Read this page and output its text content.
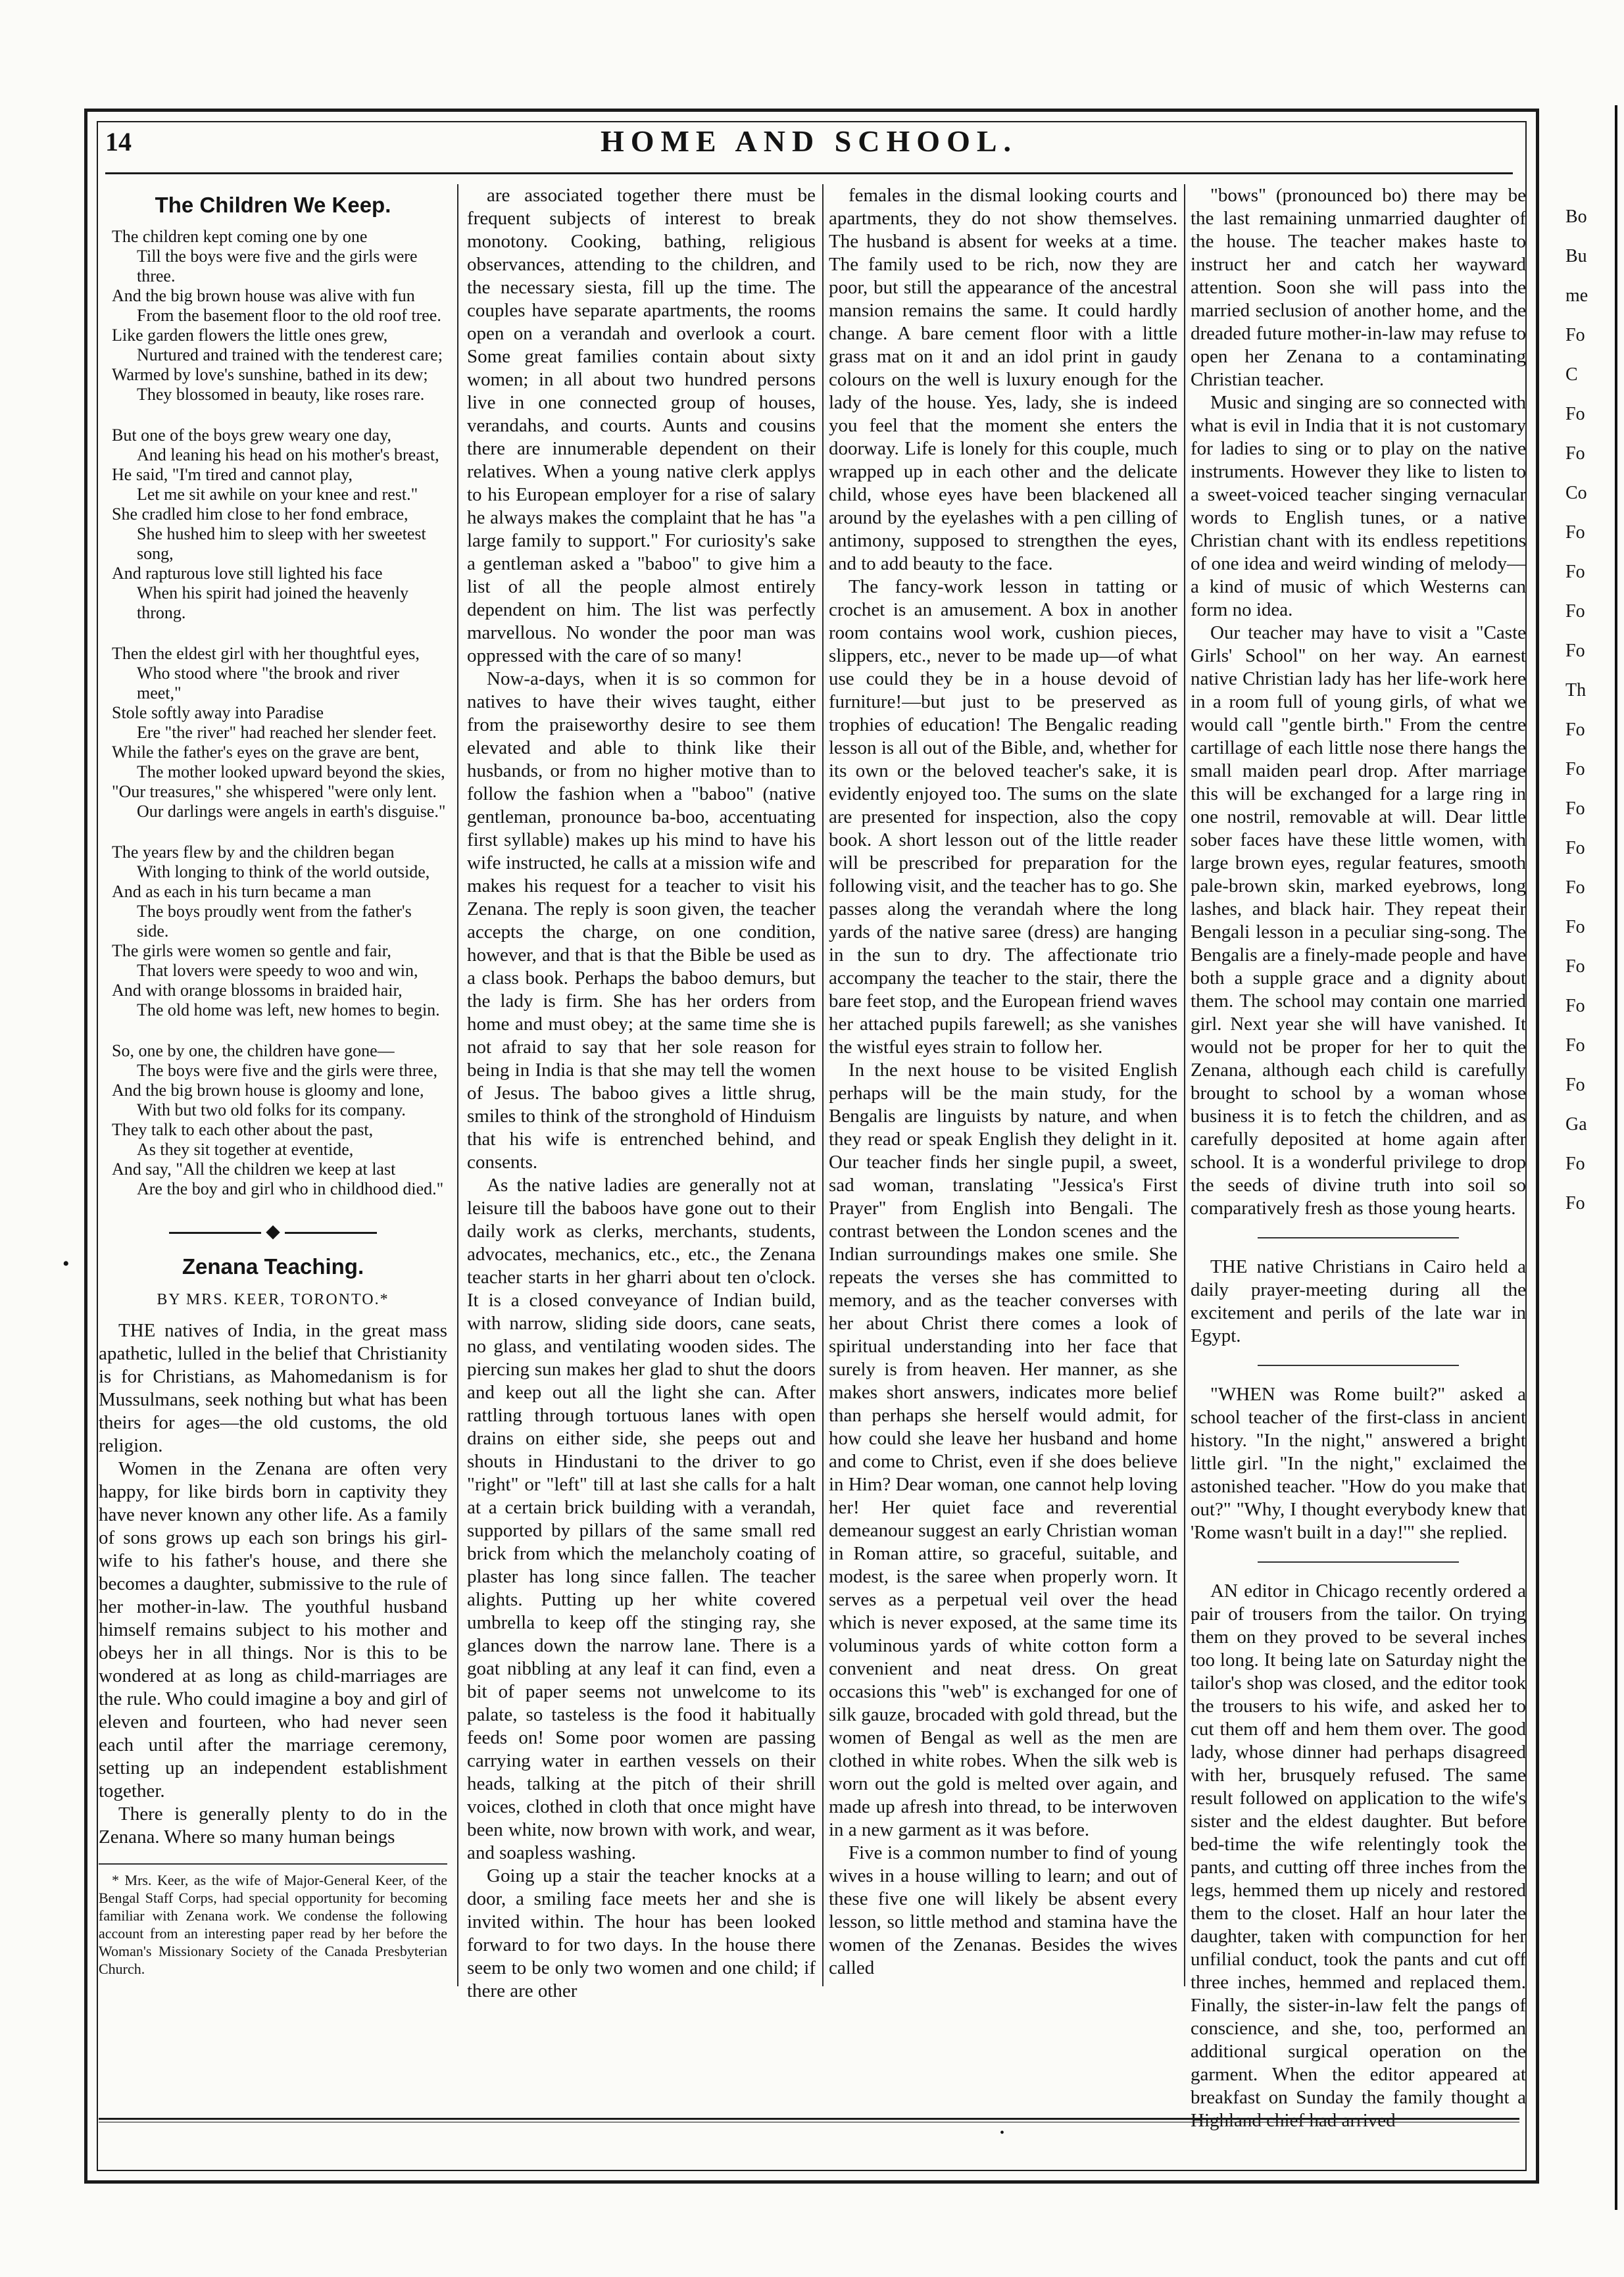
14	HOME AND SCHOOL.
•
The Children We Keep.
The children kept coming one by one
Till the boys were five and the girls were three.
And the big brown house was alive with fun
From the basement floor to the old roof tree.
Like garden flowers the little ones grew,
Nurtured and trained with the tenderest care;
Warmed by love's sunshine, bathed in its dew;
They blossomed in beauty, like roses rare.
But one of the boys grew weary one day,
And leaning his head on his mother's breast,
He said, "I'm tired and cannot play,
Let me sit awhile on your knee and rest."
She cradled him close to her fond embrace,
She hushed him to sleep with her sweetest song,
And rapturous love still lighted his face
When his spirit had joined the heavenly throng.
Then the eldest girl with her thoughtful eyes,
Who stood where "the brook and river meet,"
Stole softly away into Paradise
Ere "the river" had reached her slender feet.
While the father's eyes on the grave are bent,
The mother looked upward beyond the skies,
"Our treasures," she whispered "were only lent.
Our darlings were angels in earth's disguise."
The years flew by and the children began
With longing to think of the world outside,
And as each in his turn became a man
The boys proudly went from the father's side.
The girls were women so gentle and fair,
That lovers were speedy to woo and win,
And with orange blossoms in braided hair,
The old home was left, new homes to begin.
So, one by one, the children have gone—
The boys were five and the girls were three,
And the big brown house is gloomy and lone,
With but two old folks for its company.
They talk to each other about the past,
As they sit together at eventide,
And say, "All the children we keep at last
Are the boy and girl who in childhood died."
◆
Zenana Teaching.
BY MRS. KEER, TORONTO.*

THE natives of India, in the great mass apathetic, lulled in the belief that Christianity is for Christians, as Mahomedanism is for Mussulmans, seek nothing but what has been theirs for ages—the old customs, the old religion.

Women in the Zenana are often very happy, for like birds born in captivity they have never known any other life. As a family of sons grows up each son brings his girl-wife to his father's house, and there she becomes a daughter, submissive to the rule of her mother-in-law. The youthful husband himself remains subject to his mother and obeys her in all things. Nor is this to be wondered at as long as child-marriages are the rule. Who could imagine a boy and girl of eleven and fourteen, who had never seen each until after the marriage ceremony, setting up an independent establishment together.

There is generally plenty to do in the Zenana. Where so many human beings

* Mrs. Keer, as the wife of Major-General Keer, of the Bengal Staff Corps, had special opportunity for becoming familiar with Zenana work. We condense the following account from an interesting paper read by her before the Woman's Missionary Society of the Canada Presbyterian Church.

are associated together there must be frequent subjects of interest to break monotony. Cooking, bathing, religious observances, attending to the children, and the necessary siesta, fill up the time. The couples have separate apartments, the rooms open on a verandah and overlook a court. Some great families contain about sixty women; in all about two hundred persons live in one connected group of houses, verandahs, and courts. Aunts and cousins there are innumerable dependent on their relatives. When a young native clerk applys to his European employer for a rise of salary he always makes the complaint that he has "a large family to support." For curiosity's sake a gentleman asked a "baboo" to give him a list of all the people almost entirely dependent on him. The list was perfectly marvellous. No wonder the poor man was oppressed with the care of so many!

Now-a-days, when it is so common for natives to have their wives taught, either from the praiseworthy desire to see them elevated and able to think like their husbands, or from no higher motive than to follow the fashion when a "baboo" (native gentleman, pronounce ba-boo, accentuating first syllable) makes up his mind to have his wife instructed, he calls at a mission wife and makes his request for a teacher to visit his Zenana. The reply is soon given, the teacher accepts the charge, on one condition, however, and that is that the Bible be used as a class book. Perhaps the baboo demurs, but the lady is firm. She has her orders from home and must obey; at the same time she is not afraid to say that her sole reason for being in India is that she may tell the women of Jesus. The baboo gives a little shrug, smiles to think of the stronghold of Hinduism that his wife is entrenched behind, and consents.

As the native ladies are generally not at leisure till the baboos have gone out to their daily work as clerks, merchants, students, advocates, mechanics, etc., etc., the Zenana teacher starts in her gharri about ten o'clock. It is a closed conveyance of Indian build, with narrow, sliding side doors, cane seats, no glass, and ventilating wooden sides. The piercing sun makes her glad to shut the doors and keep out all the light she can. After rattling through tortuous lanes with open drains on either side, she peeps out and shouts in Hindustani to the driver to go "right" or "left" till at last she calls for a halt at a certain brick building with a verandah, supported by pillars of the same small red brick from which the melancholy coating of plaster has long since fallen. The teacher alights. Putting up her white covered umbrella to keep off the stinging ray, she glances down the narrow lane. There is a goat nibbling at any leaf it can find, even a bit of paper seems not unwelcome to its palate, so tasteless is the food it habitually feeds on! Some poor women are passing carrying water in earthen vessels on their heads, talking at the pitch of their shrill voices, clothed in cloth that once might have been white, now brown with work, and wear, and soapless washing.

Going up a stair the teacher knocks at a door, a smiling face meets her and she is invited within. The hour has been looked forward to for two days. In the house there seem to be only two women and one child; if there are other

females in the dismal looking courts and apartments, they do not show themselves. The husband is absent for weeks at a time. The family used to be rich, now they are poor, but still the appearance of the ancestral mansion remains the same. It could hardly change. A bare cement floor with a little grass mat on it and an idol print in gaudy colours on the well is luxury enough for the lady of the house. Yes, lady, she is indeed you feel that the moment she enters the doorway. Life is lonely for this couple, much wrapped up in each other and the delicate child, whose eyes have been blackened all around by the eyelashes with a pen cilling of antimony, supposed to strengthen the eyes, and to add beauty to the face.

The fancy-work lesson in tatting or crochet is an amusement. A box in another room contains wool work, cushion pieces, slippers, etc., never to be made up—of what use could they be in a house devoid of furniture!—but just to be preserved as trophies of education! The Bengalic reading lesson is all out of the Bible, and, whether for its own or the beloved teacher's sake, it is evidently enjoyed too. The sums on the slate are presented for inspection, also the copy book. A short lesson out of the little reader will be prescribed for preparation for the following visit, and the teacher has to go. She passes along the verandah where the long yards of the native saree (dress) are hanging in the sun to dry. The affectionate trio accompany the teacher to the stair, there the bare feet stop, and the European friend waves her attached pupils farewell; as she vanishes the wistful eyes strain to follow her.

In the next house to be visited English perhaps will be the main study, for the Bengalis are linguists by nature, and when they read or speak English they delight in it. Our teacher finds her single pupil, a sweet, sad woman, translating "Jessica's First Prayer" from English into Bengali. The contrast between the London scenes and the Indian surroundings makes one smile. She repeats the verses she has committed to memory, and as the teacher converses with her about Christ there comes a look of spiritual understanding into her face that surely is from heaven. Her manner, as she makes short answers, indicates more belief than perhaps she herself would admit, for how could she leave her husband and home and come to Christ, even if she does believe in Him? Dear woman, one cannot help loving her! Her quiet face and reverential demeanour suggest an early Christian woman in Roman attire, so graceful, suitable, and modest, is the saree when properly worn. It serves as a perpetual veil over the head which is never exposed, at the same time its voluminous yards of white cotton form a convenient and neat dress. On great occasions this "web" is exchanged for one of silk gauze, brocaded with gold thread, but the women of Bengal as well as the men are clothed in white robes. When the silk web is worn out the gold is melted over again, and made up afresh into thread, to be interwoven in a new garment as it was before.

Five is a common number to find of young wives in a house willing to learn; and out of these five one will likely be absent every lesson, so little method and stamina have the women of the Zenanas. Besides the wives called

"bows" (pronounced bo) there may be the last remaining unmarried daughter of the house. The teacher makes haste to instruct her and catch her wayward attention. Soon she will pass into the married seclusion of another home, and the dreaded future mother-in-law may refuse to open her Zenana to a contaminating Christian teacher.

Music and singing are so connected with what is evil in India that it is not customary for ladies to sing or to play on the native instruments. However they like to listen to a sweet-voiced teacher singing vernacular words to English tunes, or a native Christian chant with its endless repetitions of one idea and weird winding of melody—a kind of music of which Westerns can form no idea.

Our teacher may have to visit a "Caste Girls' School" on her way. An earnest native Christian lady has her life-work here in a room full of young girls, of what we would call "gentle birth." From the centre cartillage of each little nose there hangs the small maiden pearl drop. After marriage this will be exchanged for a large ring in one nostril, removable at will. Dear little sober faces have these little women, with large brown eyes, regular features, smooth pale-brown skin, marked eyebrows, long lashes, and black hair. They repeat their Bengali lesson in a peculiar sing-song. The Bengalis are a finely-made people and have both a supple grace and a dignity about them. The school may contain one married girl. Next year she will have vanished. It would not be proper for her to quit the Zenana, although each child is carefully brought to school by a woman whose business it is to fetch the children, and as carefully deposited at home again after school. It is a wonderful privilege to drop the seeds of divine truth into soil so comparatively fresh as those young hearts.

THE native Christians in Cairo held a daily prayer-meeting during all the excitement and perils of the late war in Egypt.

"WHEN was Rome built?" asked a school teacher of the first-class in ancient history. "In the night," answered a bright little girl. "In the night," exclaimed the astonished teacher. "How do you make that out?" "Why, I thought everybody knew that 'Rome wasn't built in a day!'" she replied.

AN editor in Chicago recently ordered a pair of trousers from the tailor. On trying them on they proved to be several inches too long. It being late on Saturday night the tailor's shop was closed, and the editor took the trousers to his wife, and asked her to cut them off and hem them over. The good lady, whose dinner had perhaps disagreed with her, brusquely refused. The same result followed on application to the wife's sister and the eldest daughter. But before bed-time the wife relentingly took the pants, and cutting off three inches from the legs, hemmed them up nicely and restored them to the closet. Half an hour later the daughter, taken with compunction for her unfilial conduct, took the pants and cut off three inches, hemmed and replaced them. Finally, the sister-in-law felt the pangs of conscience, and she, too, performed an additional surgical operation on the garment. When the editor appeared at breakfast on Sunday the family thought a Highland chief had arrived

•
Bo
Bu
me
Fo
C
Fo
Fo
Co
Fo
Fo
Fo
Fo
Th
Fo
Fo
Fo
Fo
Fo
Fo
Fo
Fo
Fo
Fo
Ga
Fo
Fo
